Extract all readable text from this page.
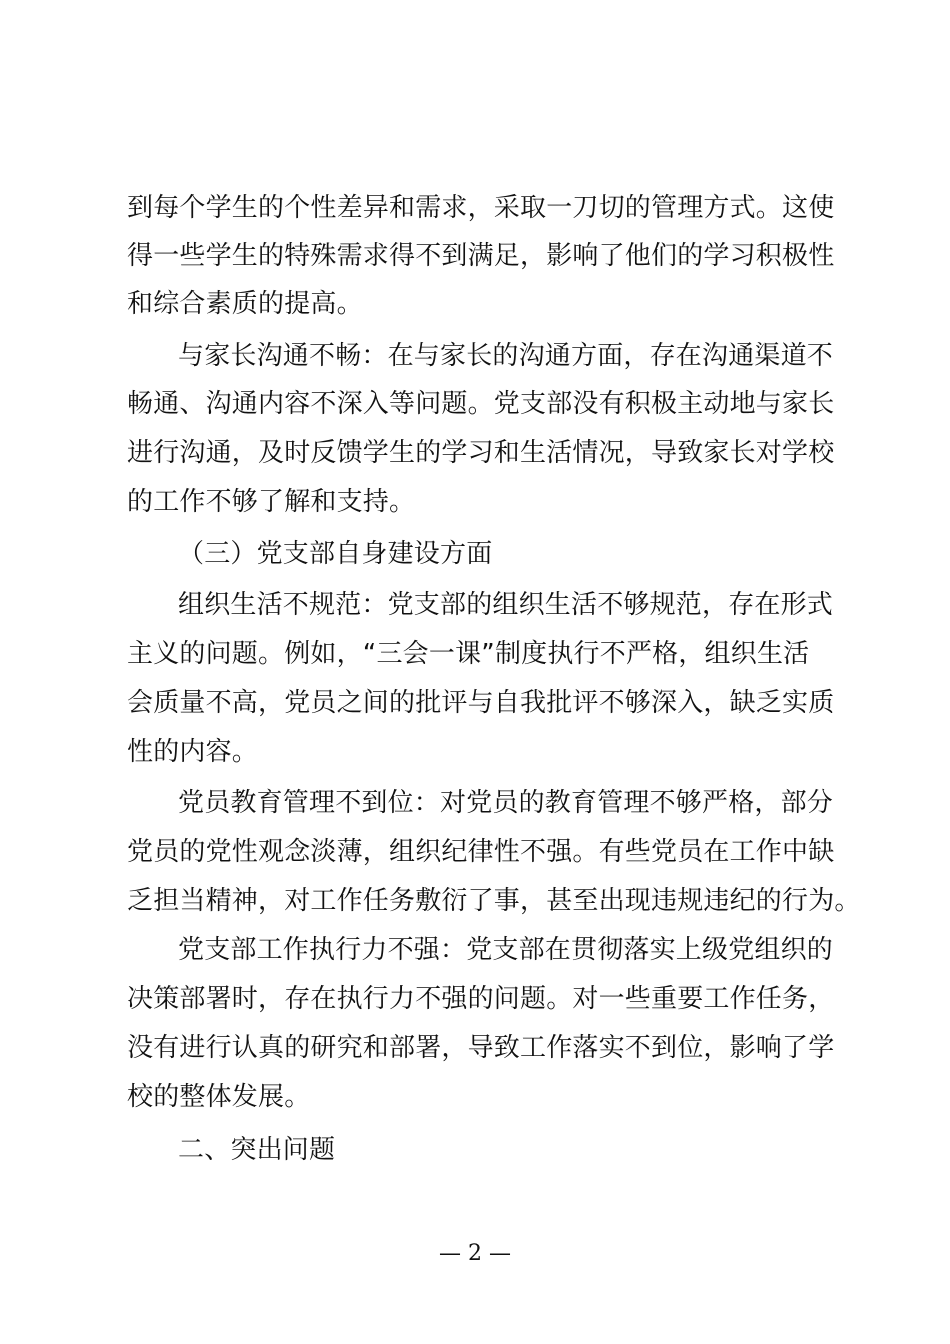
到每个学生的个性差异和需求，采取一刀切的管理方式。这使
得一些学生的特殊需求得不到满足，影响了他们的学习积极性
和综合素质的提高。
与家长沟通不畅：在与家长的沟通方面，存在沟通渠道不
畅通、沟通内容不深入等问题。党支部没有积极主动地与家长
进行沟通，及时反馈学生的学习和生活情况，导致家长对学校
的工作不够了解和支持。
（三）党支部自身建设方面
组织生活不规范：党支部的组织生活不够规范，存在形式
主义的问题。例如，“三会一课”制度执行不严格，组织生活
会质量不高，党员之间的批评与自我批评不够深入，缺乏实质
性的内容。
党员教育管理不到位：对党员的教育管理不够严格，部分
党员的党性观念淡薄，组织纪律性不强。有些党员在工作中缺
乏担当精神，对工作任务敷衍了事，甚至出现违规违纪的行为。
党支部工作执行力不强：党支部在贯彻落实上级党组织的
决策部署时，存在执行力不强的问题。对一些重要工作任务，
没有进行认真的研究和部署，导致工作落实不到位，影响了学
校的整体发展。
二、突出问题
— 2 —
